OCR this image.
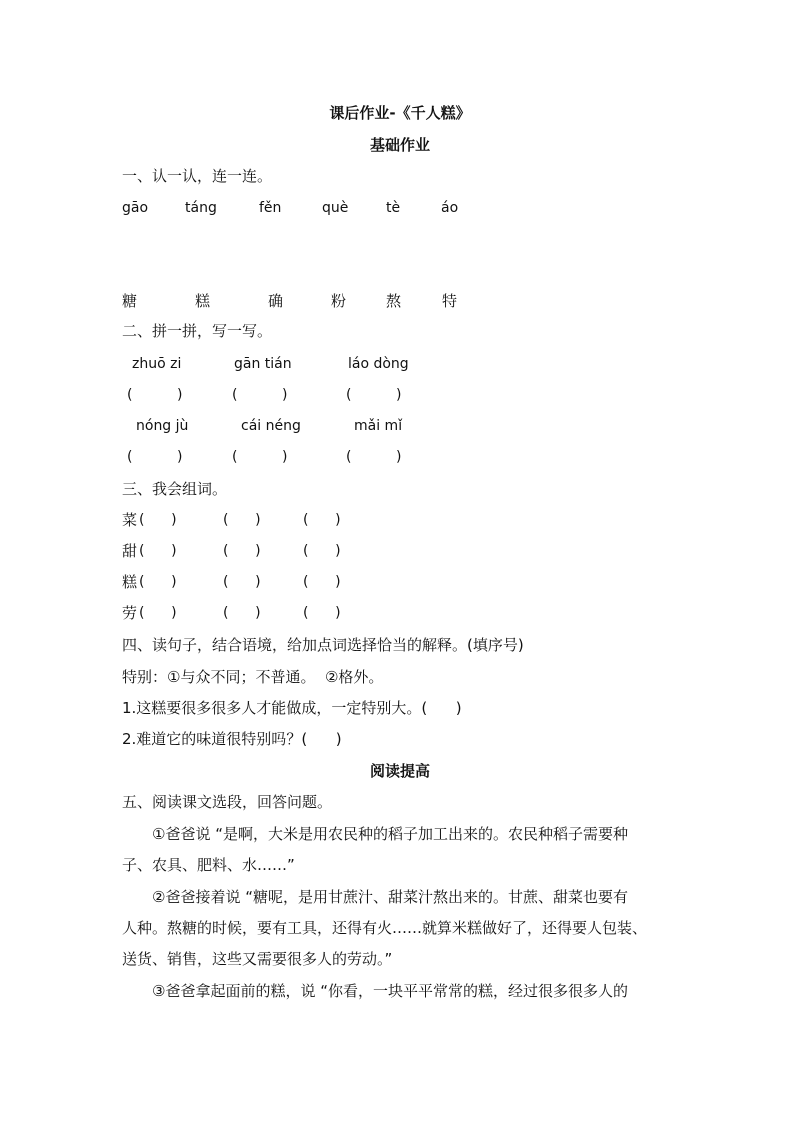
课后作业-《千人糕》
基础作业
一、认一认，连一连。
gāo	táng	fěn	què	tè	áo
糖	糕	确	粉	熬	特
二、拼一拼，写一写。
zhuō zi	gān tián	láo dòng
(          )	(          )	(          )
nóng jù	cái néng	mǎi mǐ
(          )	(          )	(          )
三、我会组词。
菜 (      )	(      )	(      )
甜 (      )	(      )	(      )
糕 (      )	(      )	(      )
劳 (      )	(      )	(      )
四、读句子，结合语境，给加点词选择恰当的解释。(填序号)
特别：①与众不同；不普通。  ②格外。
1.这糕要很多很多人才能做成，一定特别大。(      )
2.难道它的味道很特别吗？(      )
阅读提高
五、阅读课文选段，回答问题。
①爸爸说 “是啊，大米是用农民种的稻子加工出来的。农民种稻子需要种
子、农具、肥料、水……”
②爸爸接着说 “糖呢，是用甘蔗汁、甜菜汁熬出来的。甘蔗、甜菜也要有
人种。熬糖的时候，要有工具，还得有火……就算米糕做好了，还得要人包装、
送货、销售，这些又需要很多人的劳动。”
③爸爸拿起面前的糕，说 “你看，一块平平常常的糕，经过很多很多人的
